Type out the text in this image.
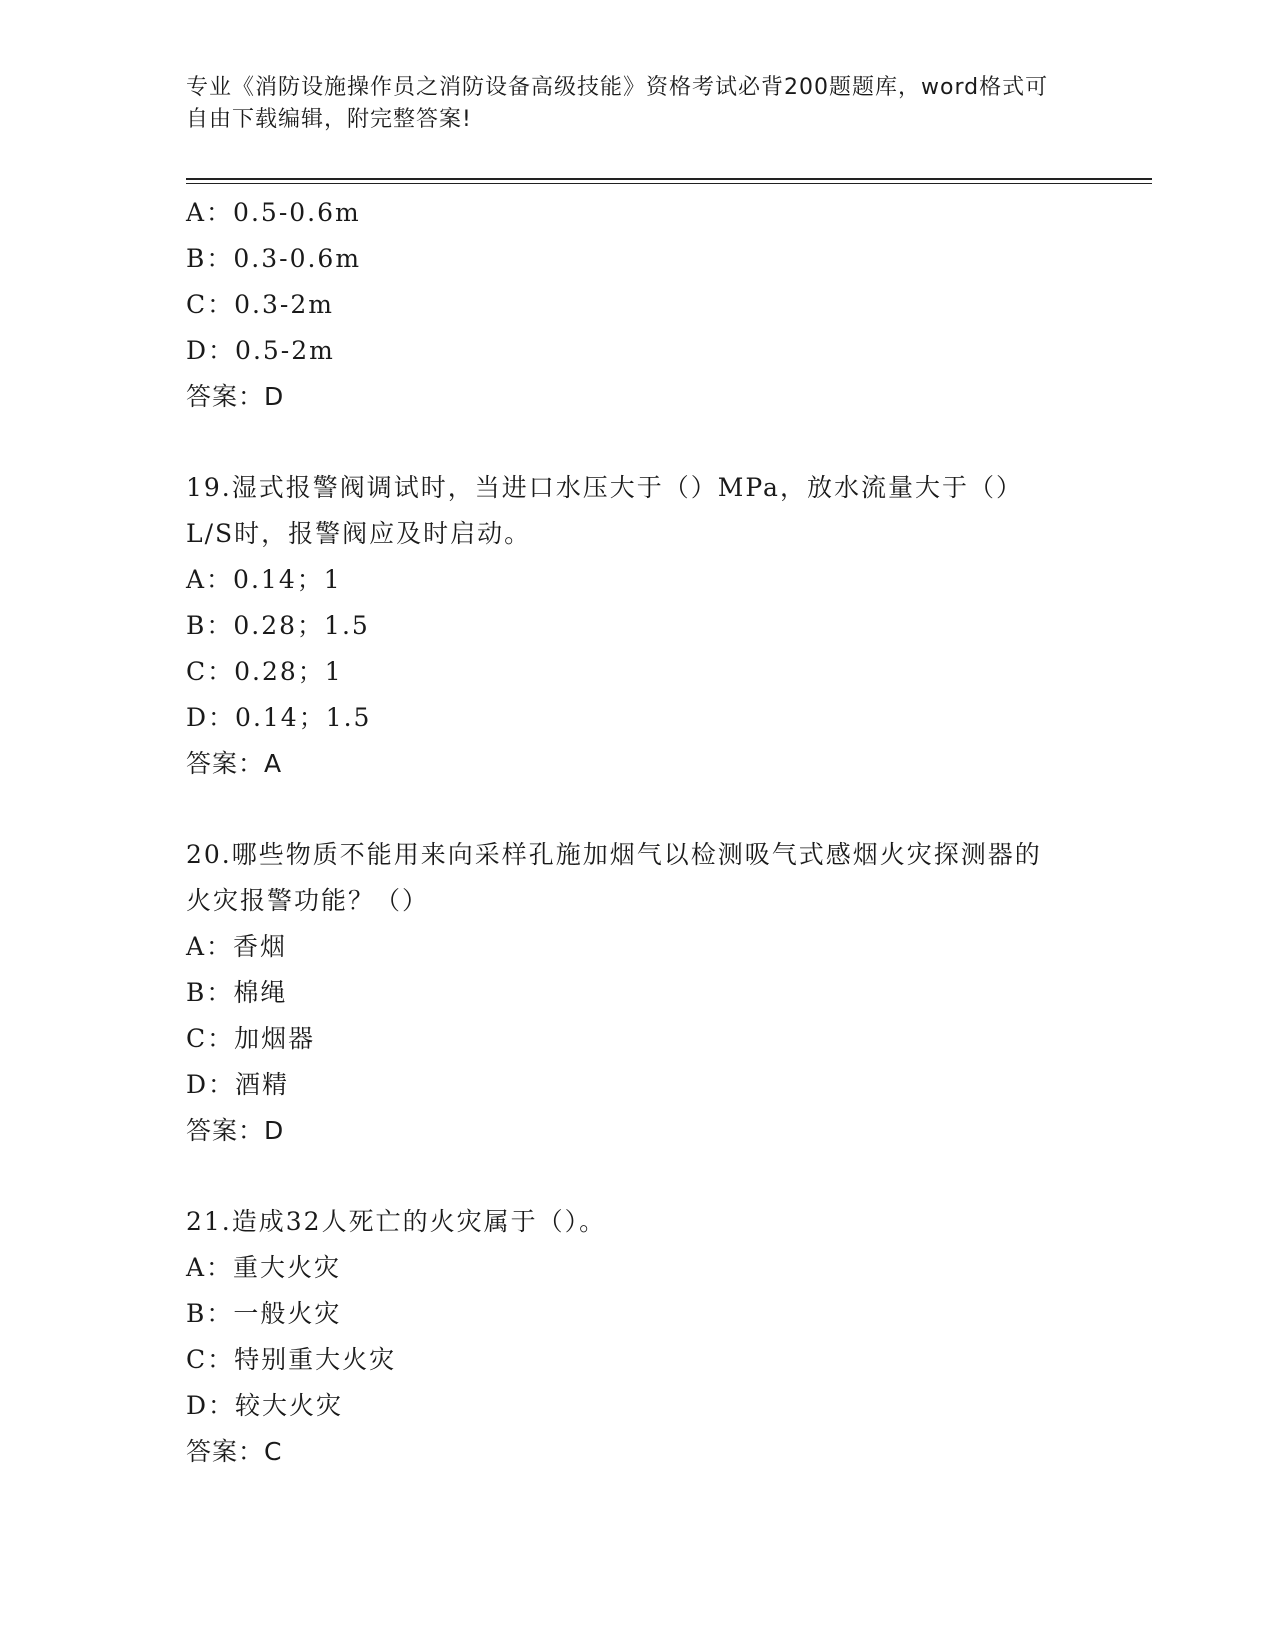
专业《消防设施操作员之消防设备高级技能》资格考试必背200题题库，word格式可自由下载编辑，附完整答案!
A：0.5-0.6m
B：0.3-0.6m
C：0.3-2m
D：0.5-2m
答案：D
19.湿式报警阀调试时，当进口水压大于（）MPa，放水流量大于（）L/S时，报警阀应及时启动。
A：0.14；1
B：0.28；1.5
C：0.28；1
D：0.14；1.5
答案：A
20.哪些物质不能用来向采样孔施加烟气以检测吸气式感烟火灾探测器的火灾报警功能？（）
A：香烟
B：棉绳
C：加烟器
D：酒精
答案：D
21.造成32人死亡的火灾属于（）。
A：重大火灾
B：一般火灾
C：特别重大火灾
D：较大火灾
答案：C
